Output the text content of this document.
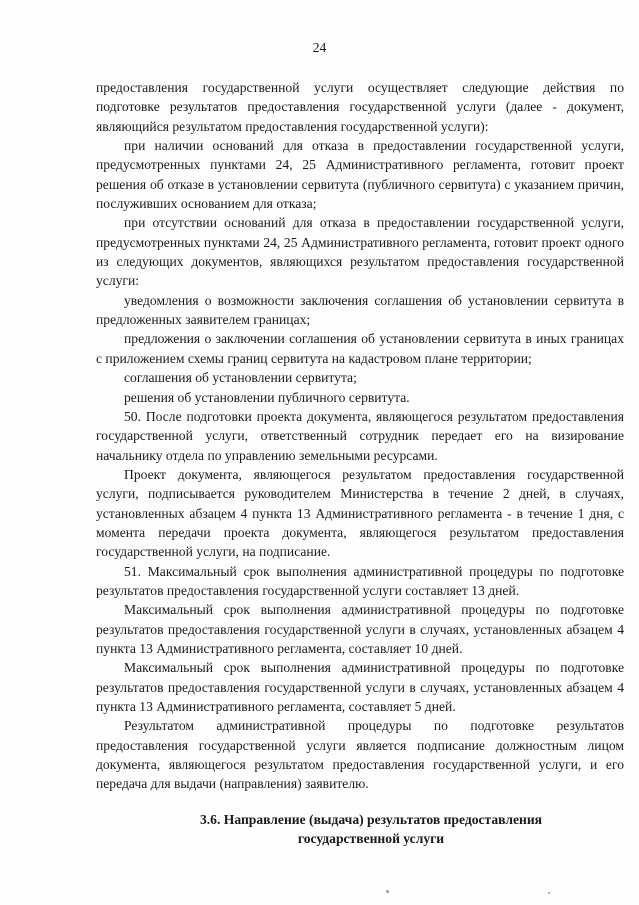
24

предоставления государственной услуги осуществляет следующие действия по подготовке результатов предоставления государственной услуги (далее - документ, являющийся результатом предоставления государственной услуги):

при наличии оснований для отказа в предоставлении государственной услуги, предусмотренных пунктами 24, 25 Административного регламента, готовит проект решения об отказе в установлении сервитута (публичного сервитута) с указанием причин, послуживших основанием для отказа;

при отсутствии оснований для отказа в предоставлении государственной услуги, предусмотренных пунктами 24, 25 Административного регламента, готовит проект одного из следующих документов, являющихся результатом предоставления государственной услуги:

уведомления о возможности заключения соглашения об установлении сервитута в предложенных заявителем границах;

предложения о заключении соглашения об установлении сервитута в иных границах с приложением схемы границ сервитута на кадастровом плане территории;

соглашения об установлении сервитута;

решения об установлении публичного сервитута.

50. После подготовки проекта документа, являющегося результатом предоставления государственной услуги, ответственный сотрудник передает его на визирование начальнику отдела по управлению земельными ресурсами.

Проект документа, являющегося результатом предоставления государственной услуги, подписывается руководителем Министерства в течение 2 дней, в случаях, установленных абзацем 4 пункта 13 Административного регламента - в течение 1 дня, с момента передачи проекта документа, являющегося результатом предоставления государственной услуги, на подписание.

51. Максимальный срок выполнения административной процедуры по подготовке результатов предоставления государственной услуги составляет 13 дней.

Максимальный срок выполнения административной процедуры по подготовке результатов предоставления государственной услуги в случаях, установленных абзацем 4 пункта 13 Административного регламента, составляет 10 дней.

Максимальный срок выполнения административной процедуры по подготовке результатов предоставления государственной услуги в случаях, установленных абзацем 4 пункта 13 Административного регламента, составляет 5 дней.

Результатом административной процедуры по подготовке результатов предоставления государственной услуги является подписание должностным лицом документа, являющегося результатом предоставления государственной услуги, и его передача для выдачи (направления) заявителю.

3.6. Направление (выдача) результатов предоставления
государственной услуги
